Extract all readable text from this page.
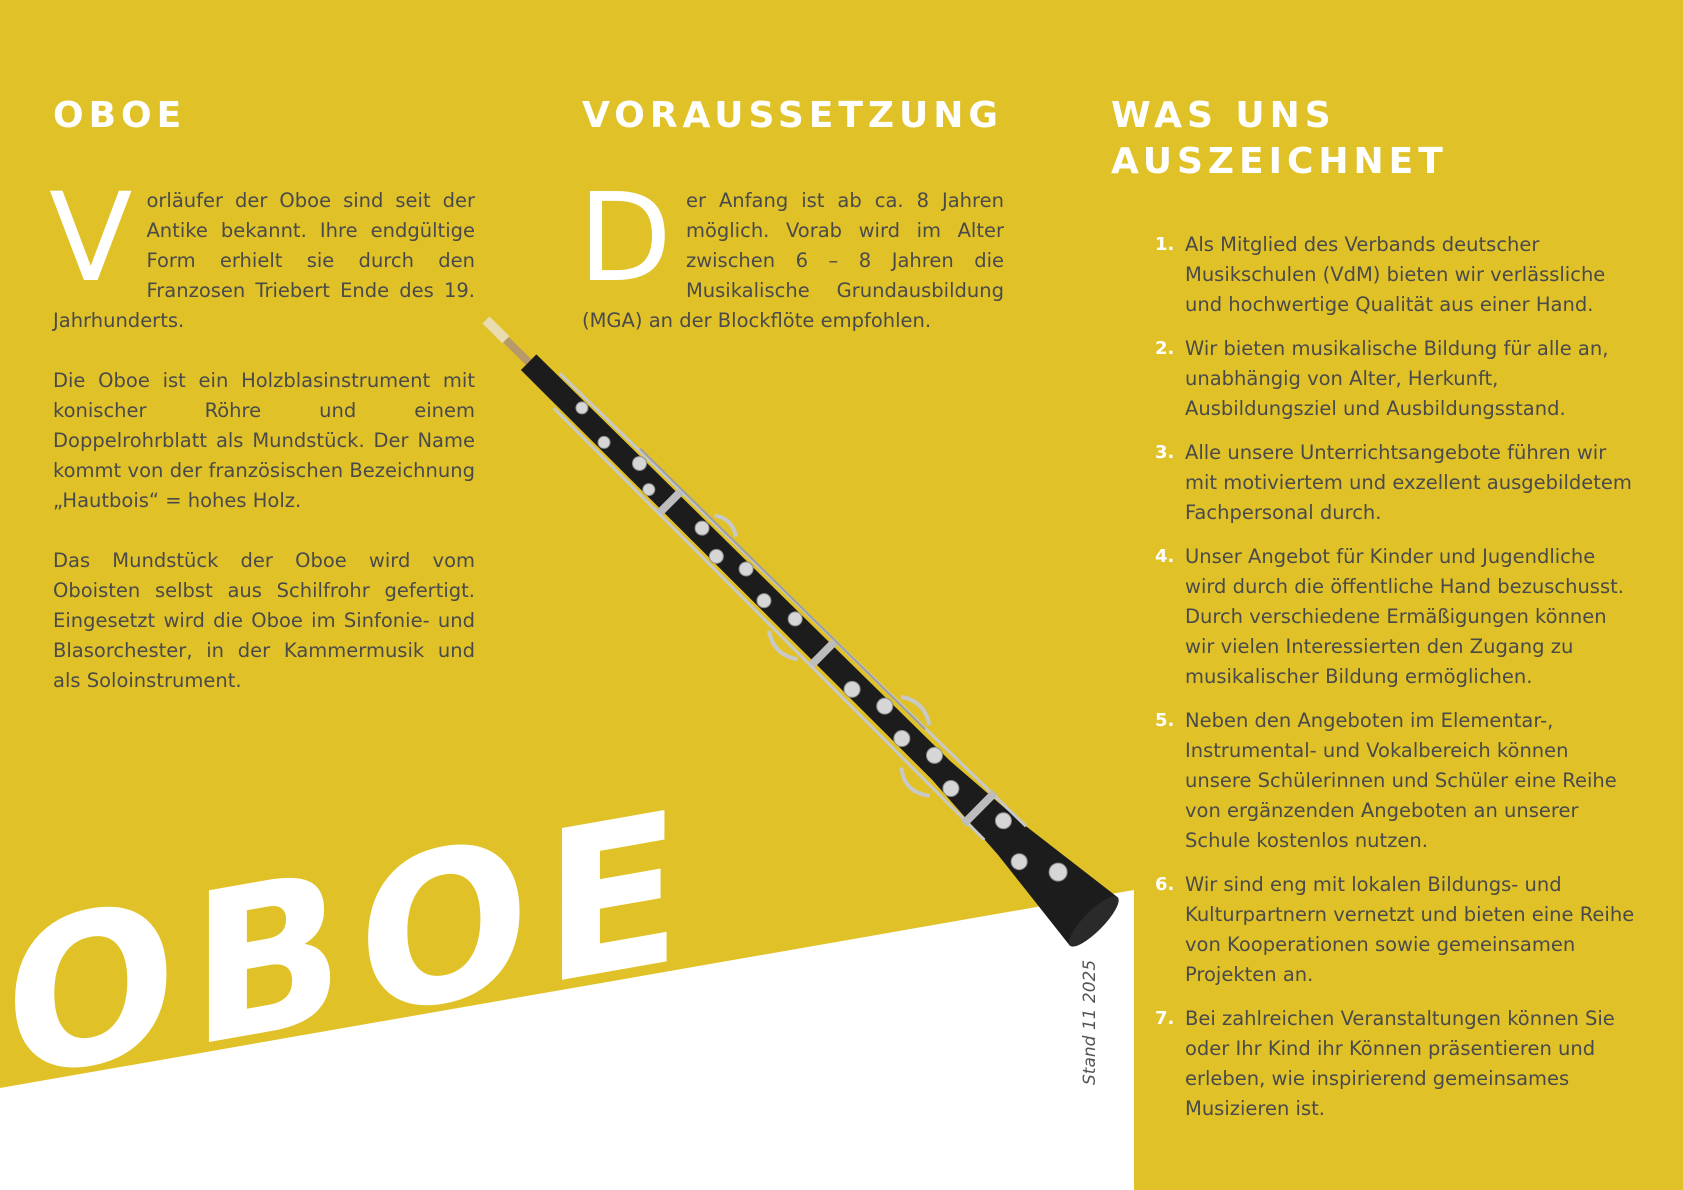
OBOE
OBOE

Vorläufer der Oboe sind seit der Antike bekannt. Ihre endgültige Form erhielt sie durch den Franzosen Triebert Ende des 19. Jahrhunderts.

Die Oboe ist ein Holzblasinstrument mit konischer Röhre und einem Doppelrohrblatt als Mundstück. Der Name kommt von der französischen Bezeichnung „Hautbois“ = hohes Holz.

Das Mundstück der Oboe wird vom Oboisten selbst aus Schilfrohr gefertigt. Eingesetzt wird die Oboe im Sinfonie- und Blasorchester, in der Kammermusik und als Soloinstrument.

VORAUSSETZUNG

Der Anfang ist ab ca. 8 Jahren möglich. Vorab wird im Alter zwischen 6 – 8 Jahren die Musikalische Grundausbildung (MGA) an der Blockflöte empfohlen.

WAS UNS
AUSZEICHNET
1. Als Mitglied des Verbands deutscher Musikschulen (VdM) bieten wir verlässliche und hochwertige Qualität aus einer Hand.
2. Wir bieten musikalische Bildung für alle an, unabhängig von Alter, Herkunft, Ausbildungsziel und Ausbildungsstand.
3. Alle unsere Unterrichtsangebote führen wir mit motiviertem und exzellent ausgebildetem Fachpersonal durch.
4. Unser Angebot für Kinder und Jugendliche wird durch die öffentliche Hand bezuschusst. Durch verschiedene Ermäßigungen können wir vielen Interessierten den Zugang zu musikalischer Bildung ermöglichen.
5. Neben den Angeboten im Elementar-, Instrumental- und Vokalbereich können unsere Schülerinnen und Schüler eine Reihe von ergänzenden Angeboten an unserer Schule kostenlos nutzen.
6. Wir sind eng mit lokalen Bildungs- und Kulturpartnern vernetzt und bieten eine Reihe von Kooperationen sowie gemeinsamen Projekten an.
7. Bei zahlreichen Veranstaltungen können Sie oder Ihr Kind ihr Können präsentieren und erleben, wie inspirierend gemeinsames Musizieren ist.
Stand 11 2025
